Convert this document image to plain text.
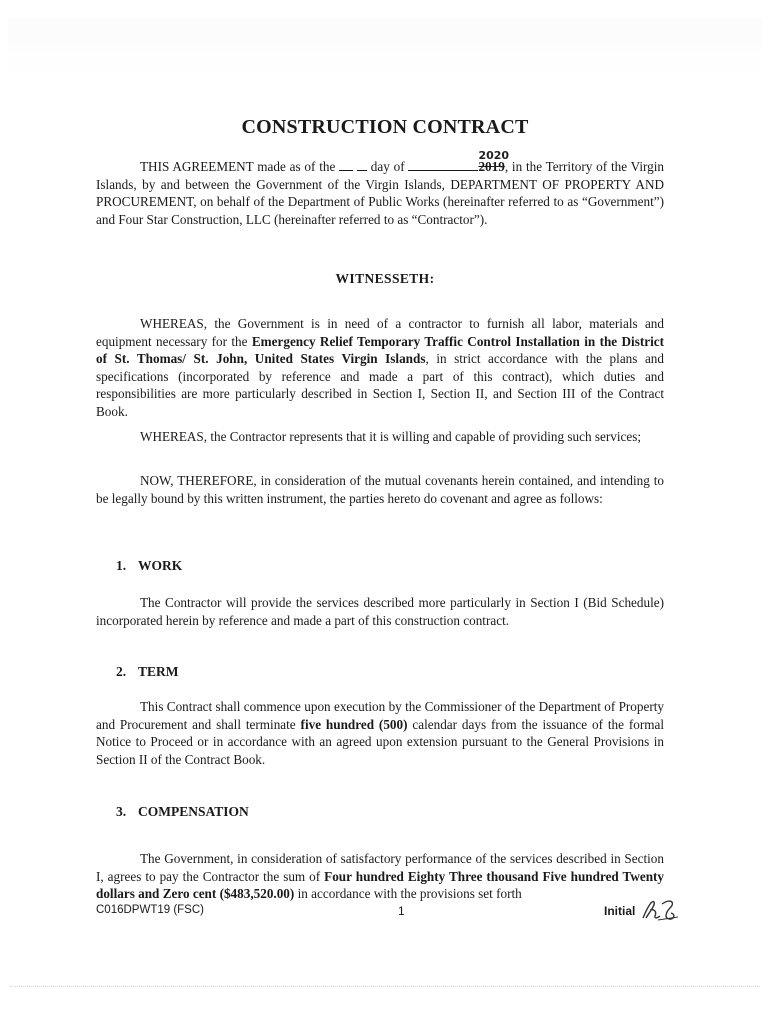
CONSTRUCTION CONTRACT

THIS AGREEMENT made as of the	day of
2020
2019, in the Territory of the Virgin Islands, by and between the Government of the Virgin Islands, DEPARTMENT OF PROPERTY AND PROCUREMENT, on behalf of the Department of Public Works (hereinafter referred to as “Government”) and Four Star Construction, LLC (hereinafter referred to as “Contractor”).

WITNESSETH:

WHEREAS, the Government is in need of a contractor to furnish all labor, materials and equipment necessary for the Emergency Relief Temporary Traffic Control Installation in the District of St. Thomas/ St. John, United States Virgin Islands, in strict accordance with the plans and specifications (incorporated by reference and made a part of this contract), which duties and responsibilities are more particularly described in Section I, Section II, and Section III of the Contract Book.

WHEREAS, the Contractor represents that it is willing and capable of providing such services;

NOW, THEREFORE, in consideration of the mutual covenants herein contained, and intending to be legally bound by this written instrument, the parties hereto do covenant and agree as follows:

1. WORK

The Contractor will provide the services described more particularly in Section I (Bid Schedule) incorporated herein by reference and made a part of this construction contract.

2. TERM

This Contract shall commence upon execution by the Commissioner of the Department of Property and Procurement and shall terminate five hundred (500) calendar days from the issuance of the formal Notice to Proceed or in accordance with an agreed upon extension pursuant to the General Provisions in Section II of the Contract Book.

3. COMPENSATION

The Government, in consideration of satisfactory performance of the services described in Section I, agrees to pay the Contractor the sum of Four hundred Eighty Three thousand Five hundred Twenty dollars and Zero cent ($483,520.00) in accordance with the provisions set forth

C016DPWT19 (FSC)	1	Initial
